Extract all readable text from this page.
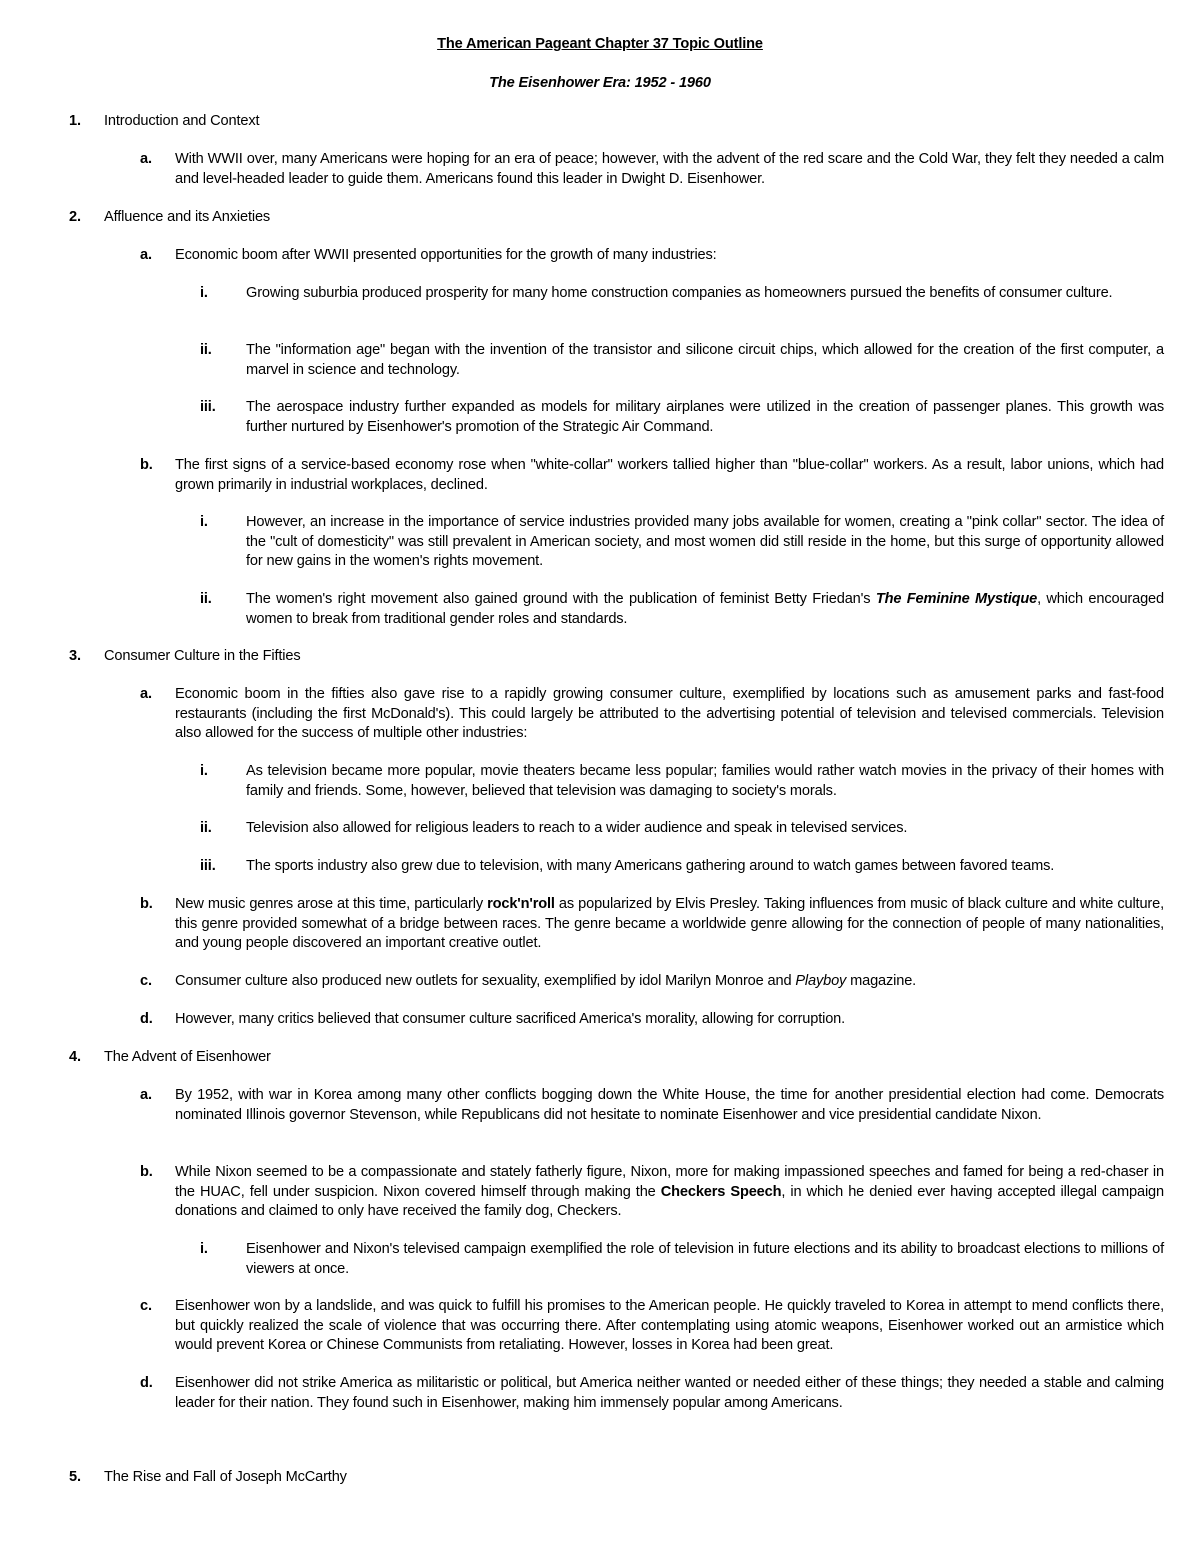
The American Pageant Chapter 37 Topic Outline
The Eisenhower Era: 1952 - 1960
1. Introduction and Context
a. With WWII over, many Americans were hoping for an era of peace; however, with the advent of the red scare and the Cold War, they felt they needed a calm and level-headed leader to guide them. Americans found this leader in Dwight D. Eisenhower.
2. Affluence and its Anxieties
a. Economic boom after WWII presented opportunities for the growth of many industries:
i.	Growing suburbia produced prosperity for many home construction companies as homeowners pursued the benefits of consumer culture.
ii. The "information age" began with the invention of the transistor and silicone circuit chips, which allowed for the creation of the first computer, a marvel in science and technology.
iii. The aerospace industry further expanded as models for military airplanes were utilized in the creation of passenger planes. This growth was further nurtured by Eisenhower's promotion of the Strategic Air Command.
b. The first signs of a service-based economy rose when "white-collar" workers tallied higher than "blue-collar" workers. As a result, labor unions, which had grown primarily in industrial workplaces, declined.
i.	However, an increase in the importance of service industries provided many jobs available for women, creating a "pink collar" sector. The idea of the "cult of domesticity" was still prevalent in American society, and most women did still reside in the home, but this surge of opportunity allowed for new gains in the women's rights movement.
ii. The women's right movement also gained ground with the publication of feminist Betty Friedan's The Feminine Mystique, which encouraged women to break from traditional gender roles and standards.
3. Consumer Culture in the Fifties
a. Economic boom in the fifties also gave rise to a rapidly growing consumer culture, exemplified by locations such as amusement parks and fast-food restaurants (including the first McDonald's). This could largely be attributed to the advertising potential of television and televised commercials. Television also allowed for the success of multiple other industries:
i.	As television became more popular, movie theaters became less popular; families would rather watch movies in the privacy of their homes with family and friends. Some, however, believed that television was damaging to society's morals.
ii. Television also allowed for religious leaders to reach to a wider audience and speak in televised services.
iii. The sports industry also grew due to television, with many Americans gathering around to watch games between favored teams.
b. New music genres arose at this time, particularly rock'n'roll as popularized by Elvis Presley. Taking influences from music of black culture and white culture, this genre provided somewhat of a bridge between races. The genre became a worldwide genre allowing for the connection of people of many nationalities, and young people discovered an important creative outlet.
c. Consumer culture also produced new outlets for sexuality, exemplified by idol Marilyn Monroe and Playboy magazine.
d. However, many critics believed that consumer culture sacrificed America's morality, allowing for corruption.
4. The Advent of Eisenhower
a. By 1952, with war in Korea among many other conflicts bogging down the White House, the time for another presidential election had come. Democrats nominated Illinois governor Stevenson, while Republicans did not hesitate to nominate Eisenhower and vice presidential candidate Nixon.
b. While Nixon seemed to be a compassionate and stately fatherly figure, Nixon, more for making impassioned speeches and famed for being a red-chaser in the HUAC, fell under suspicion. Nixon covered himself through making the Checkers Speech, in which he denied ever having accepted illegal campaign donations and claimed to only have received the family dog, Checkers.
i.	Eisenhower and Nixon's televised campaign exemplified the role of television in future elections and its ability to broadcast elections to millions of viewers at once.
c. Eisenhower won by a landslide, and was quick to fulfill his promises to the American people. He quickly traveled to Korea in attempt to mend conflicts there, but quickly realized the scale of violence that was occurring there. After contemplating using atomic weapons, Eisenhower worked out an armistice which would prevent Korea or Chinese Communists from retaliating. However, losses in Korea had been great.
d. Eisenhower did not strike America as militaristic or political, but America neither wanted or needed either of these things; they needed a stable and calming leader for their nation. They found such in Eisenhower, making him immensely popular among Americans.
5. The Rise and Fall of Joseph McCarthy
